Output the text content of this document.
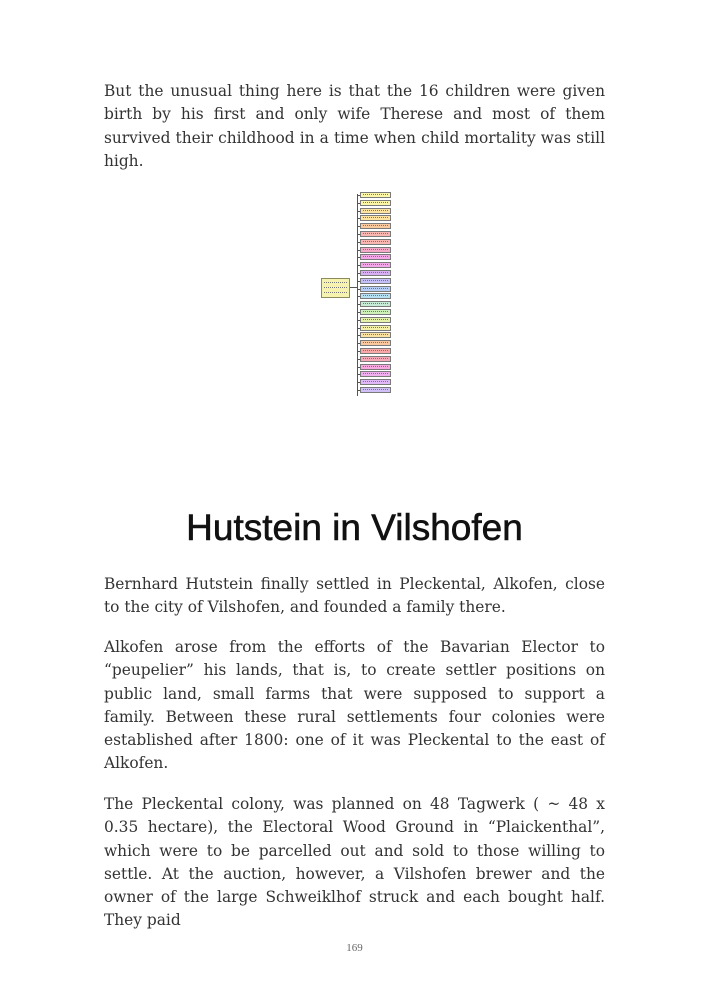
But the unusual thing here is that the 16 children were given birth by his first and only wife Therese and most of them survived their childhood in a time when child mortality was still high.

Hutstein in Vilshofen

Bernhard Hutstein finally settled in Pleckental, Alkofen, close to the city of Vilshofen, and founded a family there.

Alkofen arose from the efforts of the Bavarian Elector to “peupelier” his lands, that is, to create settler positions on public land, small farms that were supposed to support a family. Between these rural settlements four colonies were established after 1800: one of it was Pleckental to the east of Alkofen.

The Pleckental colony, was planned on 48 Tagwerk ( ~ 48 x 0.35 hectare), the Electoral Wood Ground in “Plaickenthal”, which were to be parcelled out and sold to those willing to settle. At the auction, however, a Vilshofen brewer and the owner of the large Schweiklhof struck and each bought half. They paid

169
